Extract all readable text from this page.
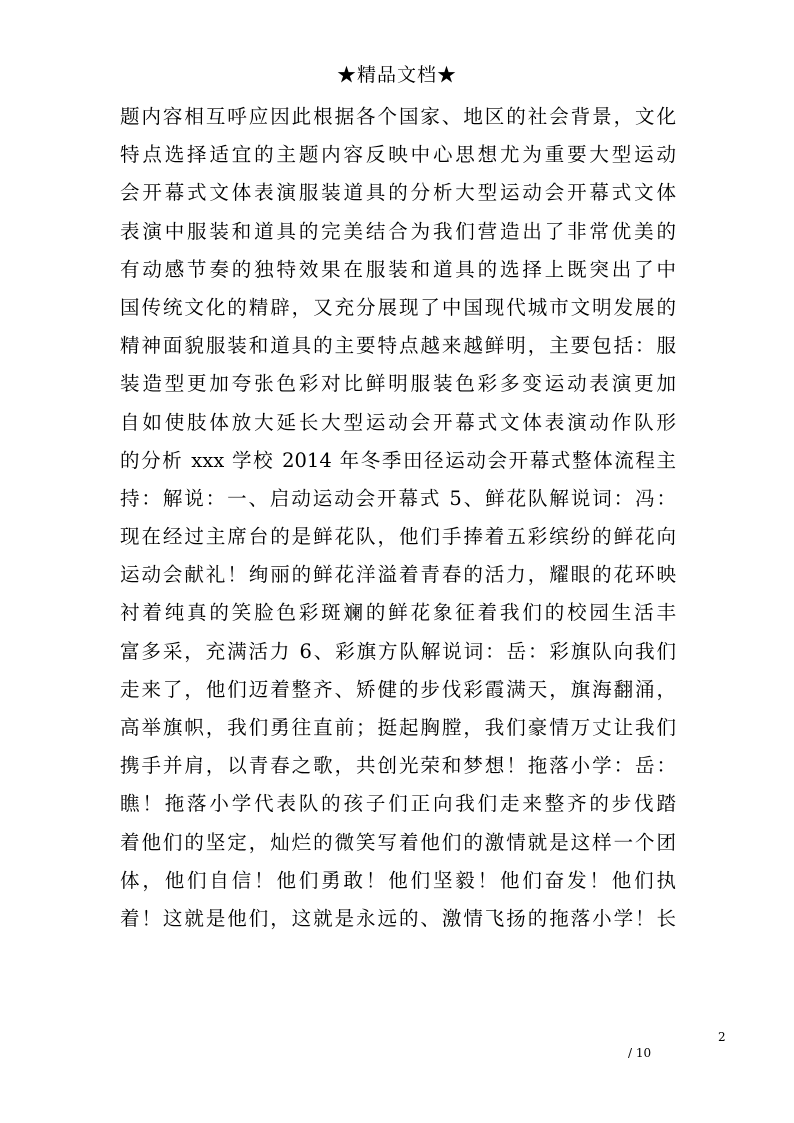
★精品文档★
题内容相互呼应因此根据各个国家、地区的社会背景，文化
特点选择适宜的主题内容反映中心思想尤为重要大型运动
会开幕式文体表演服装道具的分析大型运动会开幕式文体
表演中服装和道具的完美结合为我们营造出了非常优美的
有动感节奏的独特效果在服装和道具的选择上既突出了中
国传统文化的精辟，又充分展现了中国现代城市文明发展的
精神面貌服装和道具的主要特点越来越鲜明，主要包括：服
装造型更加夸张色彩对比鲜明服装色彩多变运动表演更加
自如使肢体放大延长大型运动会开幕式文体表演动作队形
的分析 xxx 学校 2014 年冬季田径运动会开幕式整体流程主
持：解说：一、启动运动会开幕式 5、鲜花队解说词：冯：
现在经过主席台的是鲜花队，他们手捧着五彩缤纷的鲜花向
运动会献礼！绚丽的鲜花洋溢着青春的活力，耀眼的花环映
衬着纯真的笑脸色彩斑斓的鲜花象征着我们的校园生活丰
富多采，充满活力 6、彩旗方队解说词：岳：彩旗队向我们
走来了，他们迈着整齐、矫健的步伐彩霞满天，旗海翻涌，
高举旗帜，我们勇往直前；挺起胸膛，我们豪情万丈让我们
携手并肩，以青春之歌，共创光荣和梦想！拖落小学：岳：
瞧！拖落小学代表队的孩子们正向我们走来整齐的步伐踏
着他们的坚定，灿烂的微笑写着他们的激情就是这样一个团
体，他们自信！他们勇敢！他们坚毅！他们奋发！他们执
着！这就是他们，这就是永远的、激情飞扬的拖落小学！长
2
/ 10
